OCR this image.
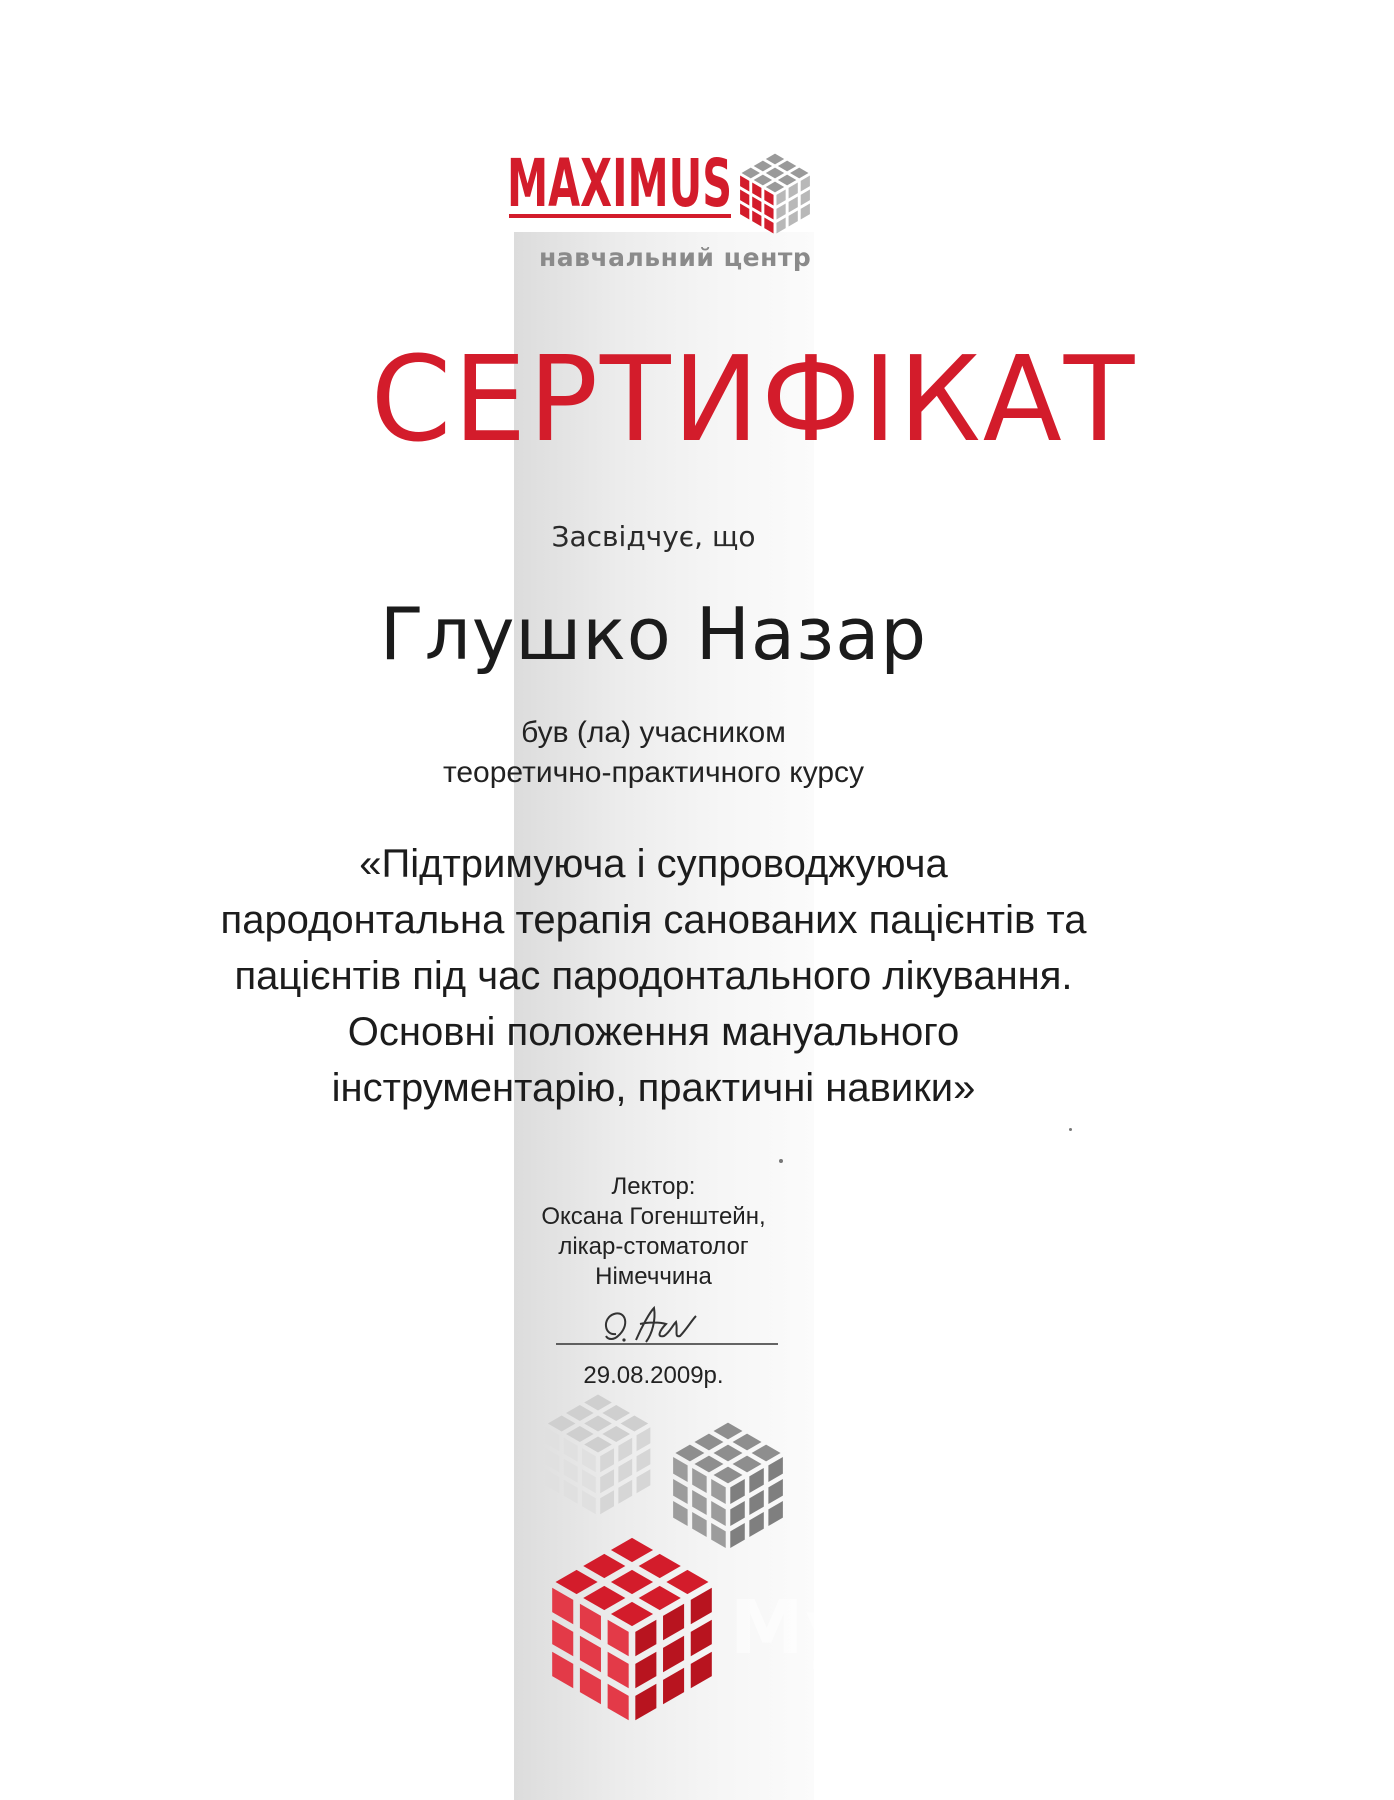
MAXIMUS
навчальний центр
СЕРТИФІКАТ
Засвідчує, що
Глушко Назар
був (ла) учасником
теоретично-практичного курсу
«Підтримуюча і супроводжуюча
пародонтальна терапія санованих пацієнтів та
пацієнтів під час пародонтального лікування.
Основні положення мануального
інструментарію, практичні навики»
Лектор:
Оксана Гогенштейн,
лікар-стоматолог
Німеччина
29.08.2009р.
MyDo
